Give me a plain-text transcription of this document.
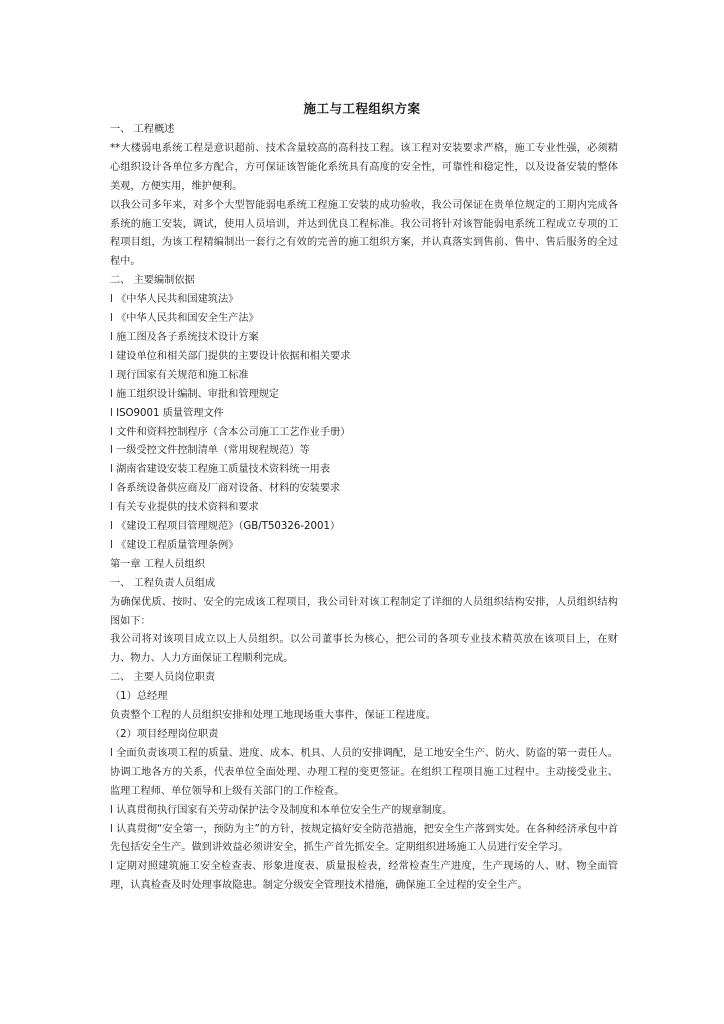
施工与工程组织方案

一、 工程概述

**大楼弱电系统工程是意识超前、技术含量较高的高科技工程。该工程对安装要求严格，施工专业性强，必须精心组织设计各单位多方配合，方可保证该智能化系统具有高度的安全性，可靠性和稳定性，以及设备安装的整体美观，方便实用，维护便利。

以我公司多年来，对多个大型智能弱电系统工程施工安装的成功验收，我公司保证在贵单位规定的工期内完成各系统的施工安装，调试，使用人员培训，并达到优良工程标准。我公司将针对该智能弱电系统工程成立专项的工程项目组，为该工程精编制出一套行之有效的完善的施工组织方案，并认真落实到售前、售中、售后服务的全过程中。

二、 主要编制依据

l 《中华人民共和国建筑法》

l 《中华人民共和国安全生产法》

l 施工图及各子系统技术设计方案

l 建设单位和相关部门提供的主要设计依据和相关要求

l 现行国家有关规范和施工标准

l 施工组织设计编制、审批和管理规定

l ISO9001 质量管理文件

l 文件和资料控制程序（含本公司施工工艺作业手册）

l 一级受控文件控制清单（常用规程规范）等

l 湖南省建设安装工程施工质量技术资料统一用表

l 各系统设备供应商及厂商对设备、材料的安装要求

l 有关专业提供的技术资料和要求

l 《建设工程项目管理规范》（GB/T50326-2001）

l 《建设工程质量管理条例》

第一章 工程人员组织

一、 工程负责人员组成

为确保优质、按时、安全的完成该工程项目，我公司针对该工程制定了详细的人员组织结构安排，人员组织结构图如下：

我公司将对该项目成立以上人员组织。以公司董事长为核心，把公司的各项专业技术精英放在该项目上，在财力、物力、人力方面保证工程顺利完成。

二、 主要人员岗位职责

（1）总经理

负责整个工程的人员组织安排和处理工地现场重大事件，保证工程进度。

（2）项目经理岗位职责

l 全面负责该项工程的质量、进度、成本、机具、人员的安排调配，是工地安全生产、防火、防盗的第一责任人。协调工地各方的关系，代表单位全面处理、办理工程的变更签证。在组织工程项目施工过程中。主动接受业主、监理工程师、单位领导和上级有关部门的工作检查。

l 认真贯彻执行国家有关劳动保护法令及制度和本单位安全生产的规章制度。

l 认真贯彻“安全第一，预防为主”的方针，按规定搞好安全防范措施，把安全生产落到实处。在各种经济承包中首先包括安全生产。做到讲效益必须讲安全，抓生产首先抓安全。定期组织进场施工人员进行安全学习。

l 定期对照建筑施工安全检查表、形象进度表、质量报检表，经常检查生产进度，生产现场的人、财、物全面管理，认真检查及时处理事故隐患。制定分级安全管理技术措施，确保施工全过程的安全生产。
